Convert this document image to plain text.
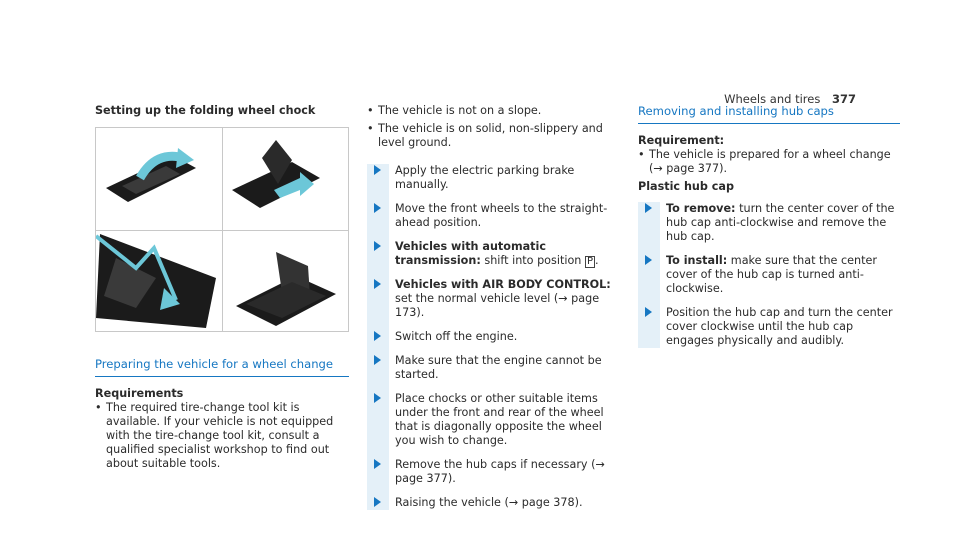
Wheels and tires 377
Setting up the folding wheel chock
Preparing the vehicle for a wheel change
Requirements
• The required tire-change tool kit is available. If your vehicle is not equipped with the tire-change tool kit, consult a qualified specialist workshop to find out about suitable tools.
• The vehicle is not on a slope.
• The vehicle is on solid, non-slippery and level ground.
Apply the electric parking brake manually.
Move the front wheels to the straight-ahead position.
Vehicles with automatic transmission: shift into position P .
Vehicles with AIR BODY CONTROL: set the normal vehicle level (→ page 173).
Switch off the engine.
Make sure that the engine cannot be started.
Place chocks or other suitable items under the front and rear of the wheel that is diagonally opposite the wheel you wish to change.
Remove the hub caps if necessary (→ page 377).
Raising the vehicle (→ page 378).
Removing and installing hub caps
Requirement:
• The vehicle is prepared for a wheel change (→ page 377).
Plastic hub cap
To remove: turn the center cover of the hub cap anti-clockwise and remove the hub cap.
To install: make sure that the center cover of the hub cap is turned anti-clockwise.
Position the hub cap and turn the center cover clockwise until the hub cap engages physically and audibly.
